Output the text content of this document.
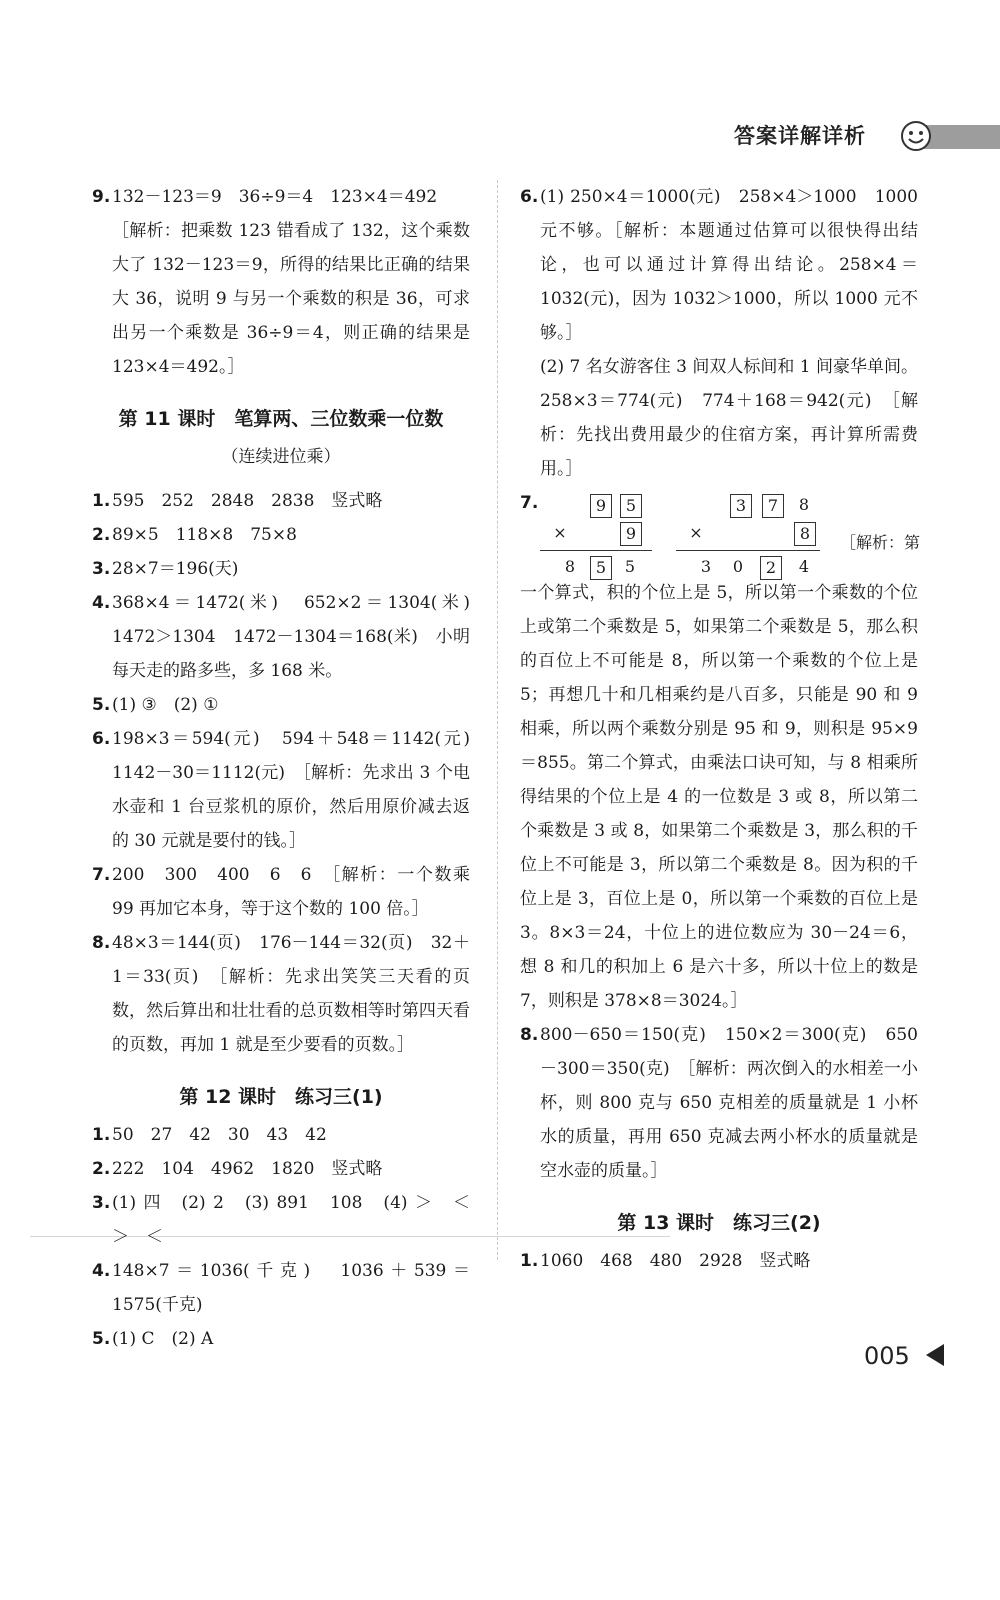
答案详解详析
9. 132－123＝9　36÷9＝4　123×4＝492
［解析：把乘数 123 错看成了 132，这个乘数大了 132－123＝9，所得的结果比正确的结果大 36，说明 9 与另一个乘数的积是 36，可求出另一个乘数是 36÷9＝4，则正确的结果是 123×4＝492。］
第 11 课时　笔算两、三位数乘一位数
（连续进位乘）
1. 595　252　2848　2838　竖式略
2. 89×5　118×8　75×8
3. 28×7＝196(天)
4. 368×4＝1472(米)　652×2＝1304(米)　1472＞1304　1472－1304＝168(米)　小明每天走的路多些，多 168 米。
5. (1) ③　(2) ①
6. 198×3＝594(元)　594＋548＝1142(元)　1142－30＝1112(元)　［解析：先求出 3 个电水壶和 1 台豆浆机的原价，然后用原价减去返的 30 元就是要付的钱。］
7. 200　300　400　6　6　［解析：一个数乘 99 再加它本身，等于这个数的 100 倍。］
8. 48×3＝144(页)　176－144＝32(页)　32＋1＝33(页)　［解析：先求出笑笑三天看的页数，然后算出和壮壮看的总页数相等时第四天看的页数，再加 1 就是至少要看的页数。］
第 12 课时　练习三(1)
1. 50　27　42　30　43　42
2. 222　104　4962　1820　竖式略
3. (1) 四　(2) 2　(3) 891　108　(4) ＞　＜　＞　＜
4. 148×7＝1036(千克)　1036＋539＝1575(千克)
5. (1) C　(2) A
6. (1) 250×4＝1000(元)　258×4＞1000　1000 元不够。［解析：本题通过估算可以很快得出结论，也可以通过计算得出结论。258×4＝1032(元)，因为 1032＞1000，所以 1000 元不够。］
(2) 7 名女游客住 3 间双人标间和 1 间豪华单间。258×3＝774(元)　774＋168＝942(元)　［解析：先找出费用最少的住宿方案，再计算所需费用。］
7.	9	5
×	9
8	5	5
3	7	8
×	8
3	0	2	4
［解析：第
一个算式，积的个位上是 5，所以第一个乘数的个位上或第二个乘数是 5，如果第二个乘数是 5，那么积的百位上不可能是 8，所以第一个乘数的个位上是 5；再想几十和几相乘约是八百多，只能是 90 和 9 相乘，所以两个乘数分别是 95 和 9，则积是 95×9＝855。第二个算式，由乘法口诀可知，与 8 相乘所得结果的个位上是 4 的一位数是 3 或 8，所以第二个乘数是 3 或 8，如果第二个乘数是 3，那么积的千位上不可能是 3，所以第二个乘数是 8。因为积的千位上是 3，百位上是 0，所以第一个乘数的百位上是 3。8×3＝24，十位上的进位数应为 30－24＝6，想 8 和几的积加上 6 是六十多，所以十位上的数是 7，则积是 378×8＝3024。］
8. 800－650＝150(克)　150×2＝300(克)　650－300＝350(克)　［解析：两次倒入的水相差一小杯，则 800 克与 650 克相差的质量就是 1 小杯水的质量，再用 650 克减去两小杯水的质量就是空水壶的质量。］
第 13 课时　练习三(2)
1. 1060　468　480　2928　竖式略
005
